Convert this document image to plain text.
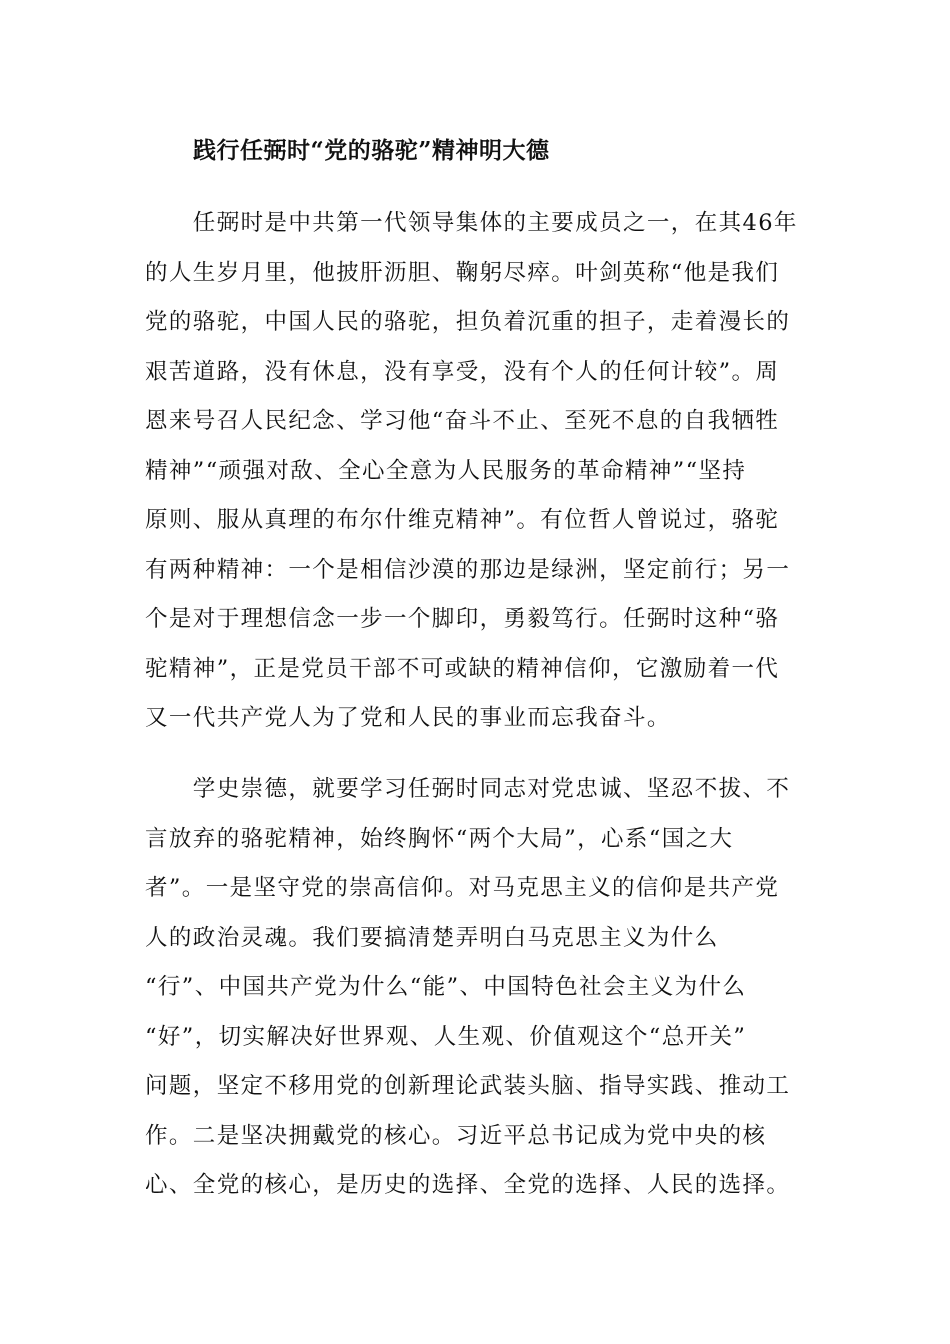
践行任弼时“党的骆驼”精神明大德
　　任弼时是中共第一代领导集体的主要成员之一，在其46年
的人生岁月里，他披肝沥胆、鞠躬尽瘁。叶剑英称“他是我们
党的骆驼，中国人民的骆驼，担负着沉重的担子，走着漫长的
艰苦道路，没有休息，没有享受，没有个人的任何计较”。周
恩来号召人民纪念、学习他“奋斗不止、至死不息的自我牺牲
精神”“顽强对敌、全心全意为人民服务的革命精神”“坚持
原则、服从真理的布尔什维克精神”。有位哲人曾说过，骆驼
有两种精神：一个是相信沙漠的那边是绿洲，坚定前行；另一
个是对于理想信念一步一个脚印，勇毅笃行。任弼时这种“骆
驼精神”，正是党员干部不可或缺的精神信仰，它激励着一代
又一代共产党人为了党和人民的事业而忘我奋斗。
　　学史崇德，就要学习任弼时同志对党忠诚、坚忍不拔、不
言放弃的骆驼精神，始终胸怀“两个大局”，心系“国之大
者”。一是坚守党的崇高信仰。对马克思主义的信仰是共产党
人的政治灵魂。我们要搞清楚弄明白马克思主义为什么
“行”、中国共产党为什么“能”、中国特色社会主义为什么
“好”，切实解决好世界观、人生观、价值观这个“总开关”
问题，坚定不移用党的创新理论武装头脑、指导实践、推动工
作。二是坚决拥戴党的核心。习近平总书记成为党中央的核
心、全党的核心，是历史的选择、全党的选择、人民的选择。
